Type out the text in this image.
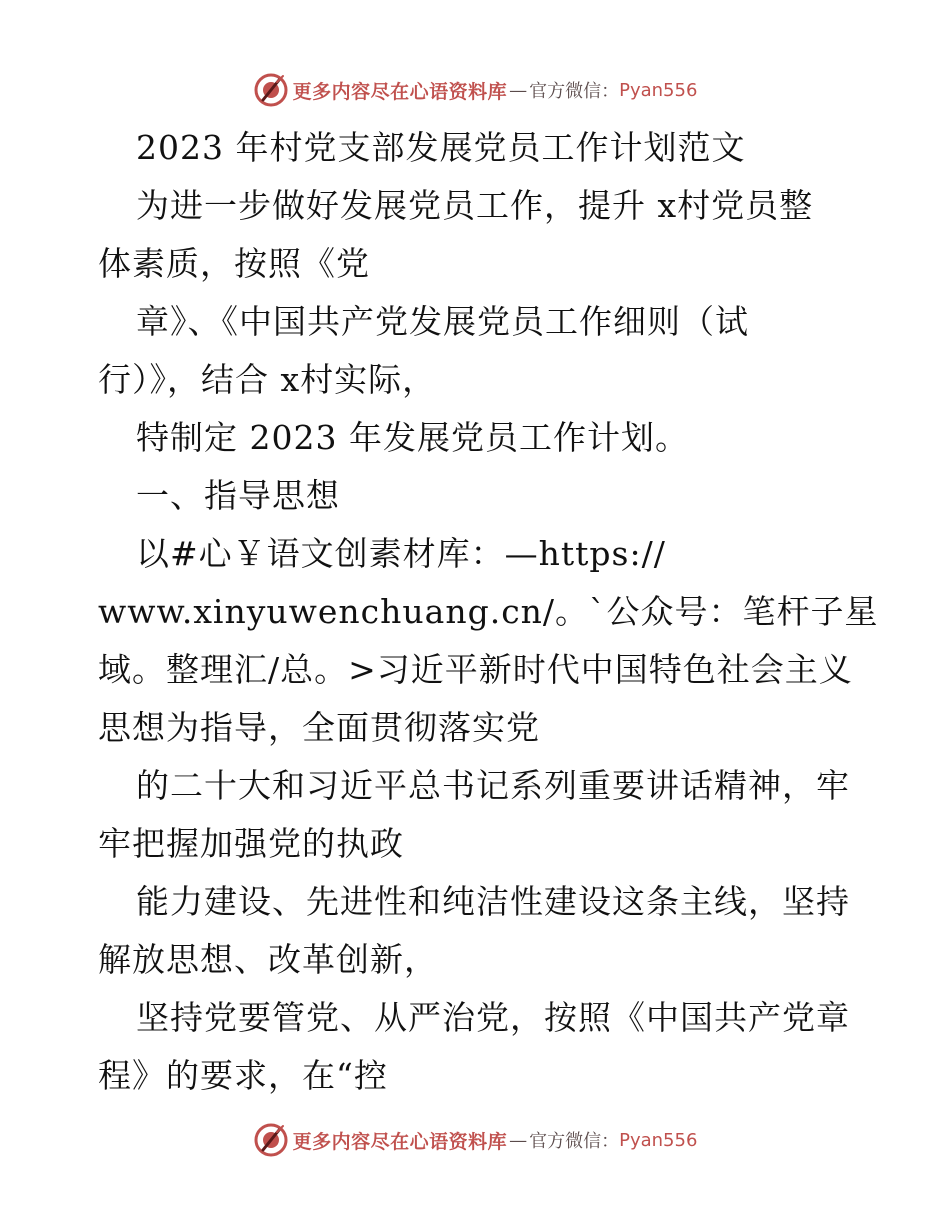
更多内容尽在心语资料库 — 官方微信： Pyan556
2023 年村党支部发展党员工作计划范文
为进一步做好发展党员工作，提升 x村党员整
体素质，按照《党
章》、《中国共产党发展党员工作细则（试
行）》，结合 x村实际，
特制定 2023 年发展党员工作计划。
一、指导思想
以#心￥语文创素材库：—https://
www.xinyuwenchuang.cn/。`公众号：笔杆子星
域。整理汇/总。>习近平新时代中国特色社会主义
思想为指导，全面贯彻落实党
的二十大和习近平总书记系列重要讲话精神，牢
牢把握加强党的执政
能力建设、先进性和纯洁性建设这条主线，坚持
解放思想、改革创新，
坚持党要管党、从严治党，按照《中国共产党章
程》的要求，在“控
更多内容尽在心语资料库 — 官方微信： Pyan556
